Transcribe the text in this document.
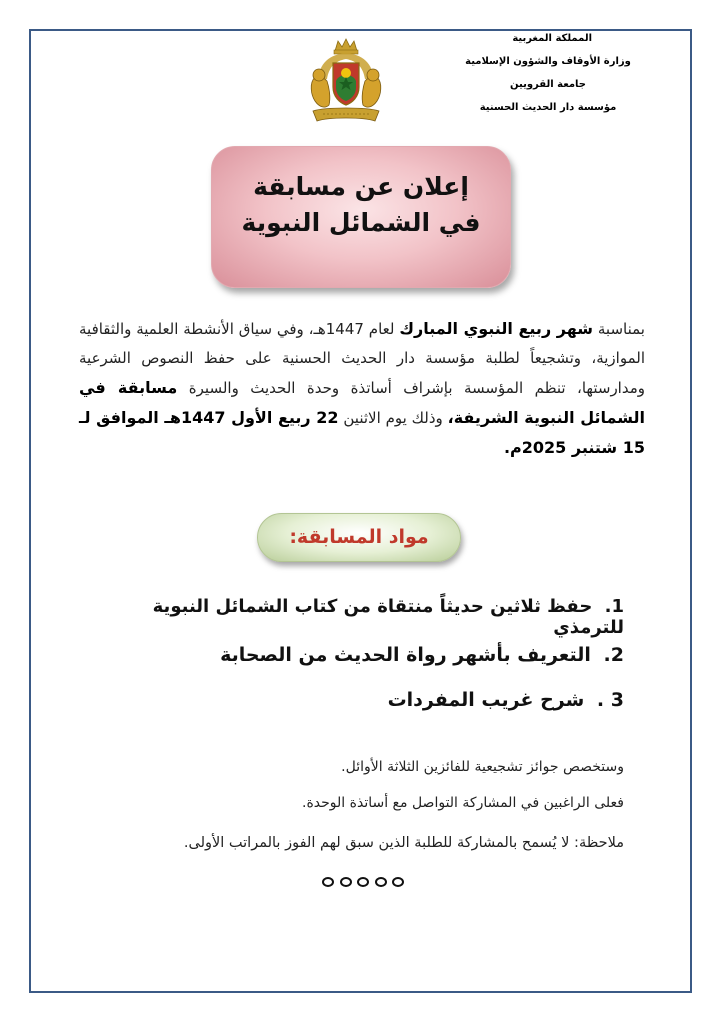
المملكة المغربية
وزارة الأوقاف والشؤون الإسلامية
جامعة القرويين
مؤسسة دار الحديث الحسنية
إعلان عن مسابقة
في الشمائل النبوية
بمناسبة شهر ربيع النبوي المبارك لعام 1447هـ، وفي سياق الأنشطة العلمية والثقافية الموازية، وتشجيعاً لطلبة مؤسسة دار الحديث الحسنية على حفظ النصوص الشرعية ومدارستها، تنظم المؤسسة بإشراف أساتذة وحدة الحديث والسيرة مسابقة في الشمائل النبوية الشريفة، وذلك يوم الاثنين 22 ربيع الأول 1447هـ الموافق لـ 15 شتنبر 2025م.
مواد المسابقة:
1. حفظ ثلاثين حديثاً منتقاة من كتاب الشمائل النبوية للترمذي
2. التعريف بأشهر رواة الحديث من الصحابة
3 . شرح غريب المفردات
وستخصص جوائز تشجيعية للفائزين الثلاثة الأوائل.
فعلى الراغبين في المشاركة التواصل مع أساتذة الوحدة.
ملاحظة: لا يُسمح بالمشاركة للطلبة الذين سبق لهم الفوز بالمراتب الأولى.
